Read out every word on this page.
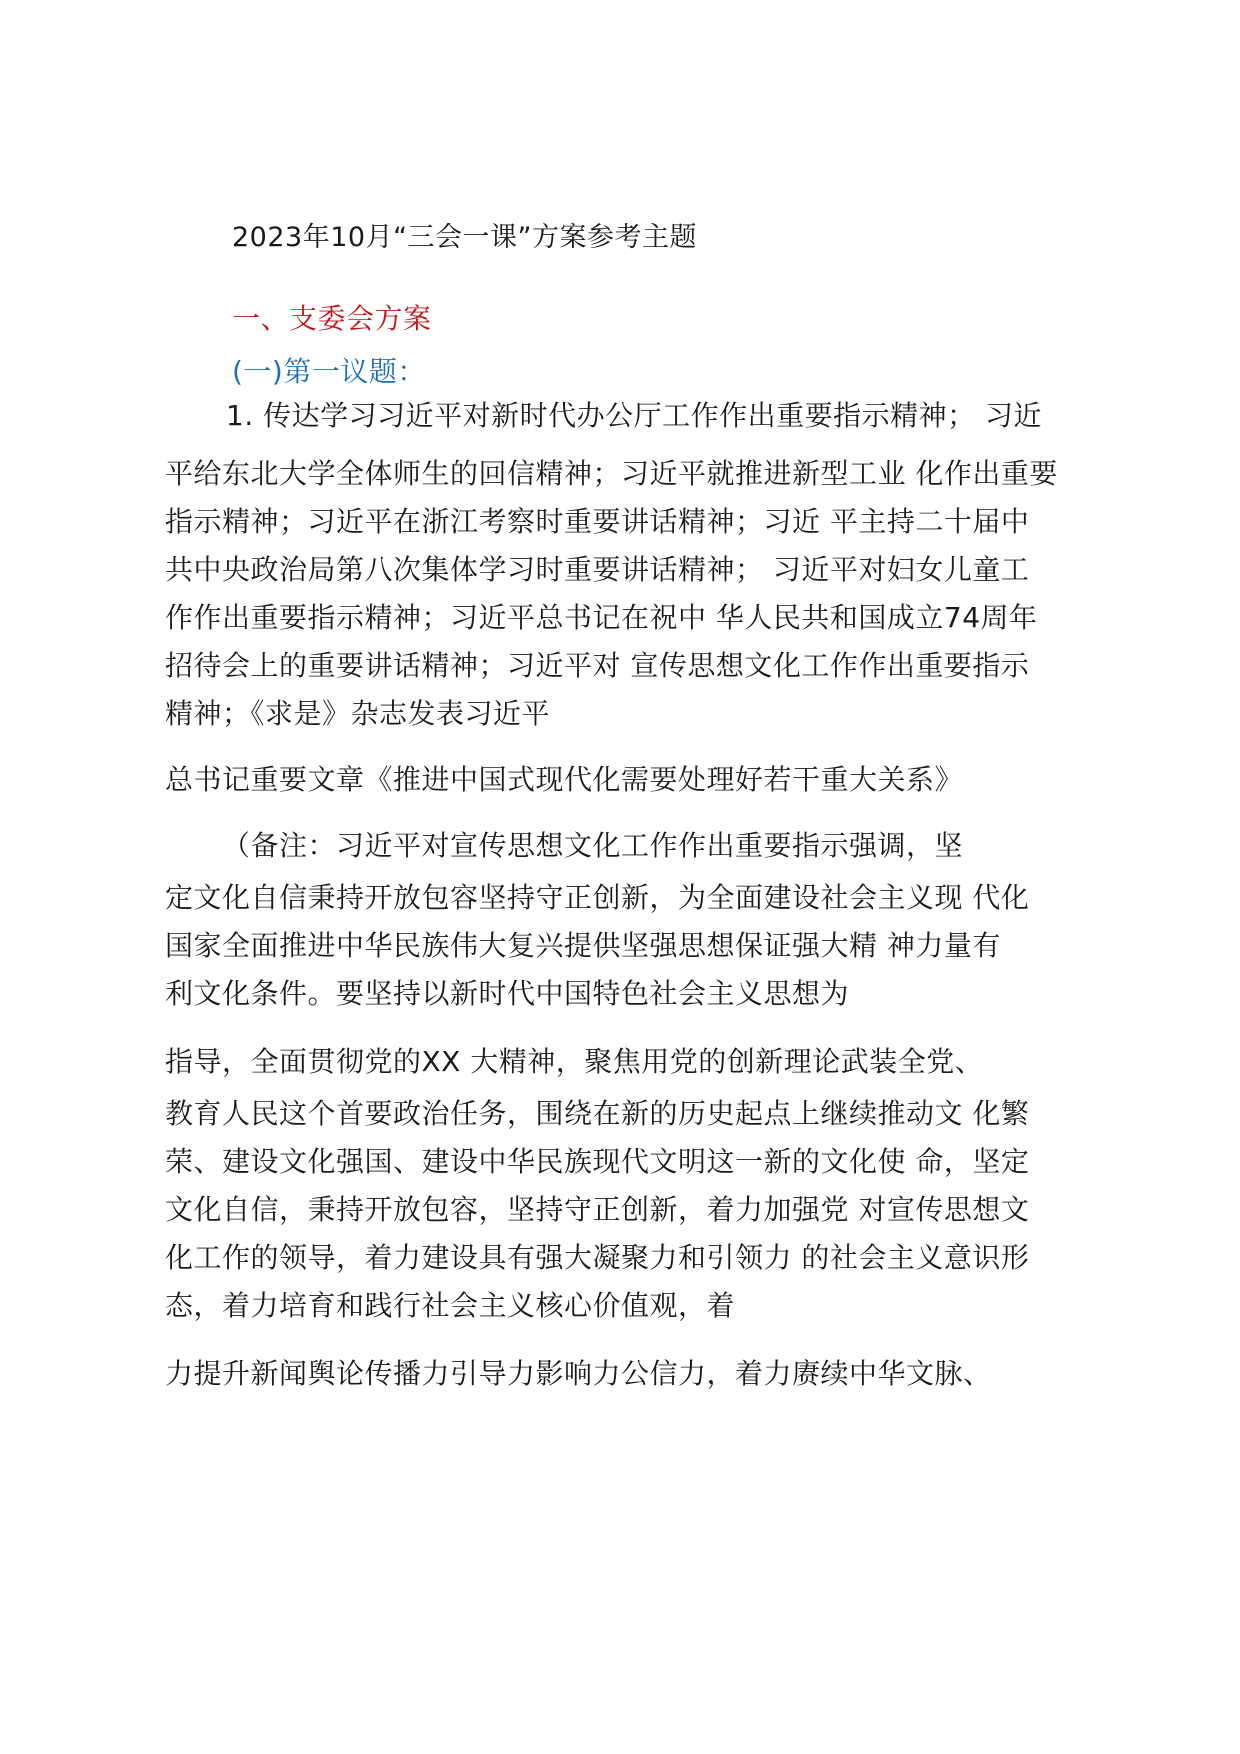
2023年10月“三会一课”方案参考主题
一、支委会方案
(一)第一议题：
1. 传达学习习近平对新时代办公厅工作作出重要指示精神； 习近
平给东北大学全体师生的回信精神；习近平就推进新型工业 化作出重要
指示精神；习近平在浙江考察时重要讲话精神；习近 平主持二十届中
共中央政治局第八次集体学习时重要讲话精神； 习近平对妇女儿童工
作作出重要指示精神；习近平总书记在祝中 华人民共和国成立74周年
招待会上的重要讲话精神；习近平对 宣传思想文化工作作出重要指示
精神；《求是》杂志发表习近平
总书记重要文章《推进中国式现代化需要处理好若干重大关系》
（备注：习近平对宣传思想文化工作作出重要指示强调，坚
定文化自信秉持开放包容坚持守正创新，为全面建设社会主义现 代化
国家全面推进中华民族伟大复兴提供坚强思想保证强大精 神力量有
利文化条件。要坚持以新时代中国特色社会主义思想为
指导，全面贯彻党的XX 大精神，聚焦用党的创新理论武装全党、
教育人民这个首要政治任务，围绕在新的历史起点上继续推动文 化繁
荣、建设文化强国、建设中华民族现代文明这一新的文化使 命，坚定
文化自信，秉持开放包容，坚持守正创新，着力加强党 对宣传思想文
化工作的领导，着力建设具有强大凝聚力和引领力 的社会主义意识形
态，着力培育和践行社会主义核心价值观，着
力提升新闻舆论传播力引导力影响力公信力，着力赓续中华文脉、
